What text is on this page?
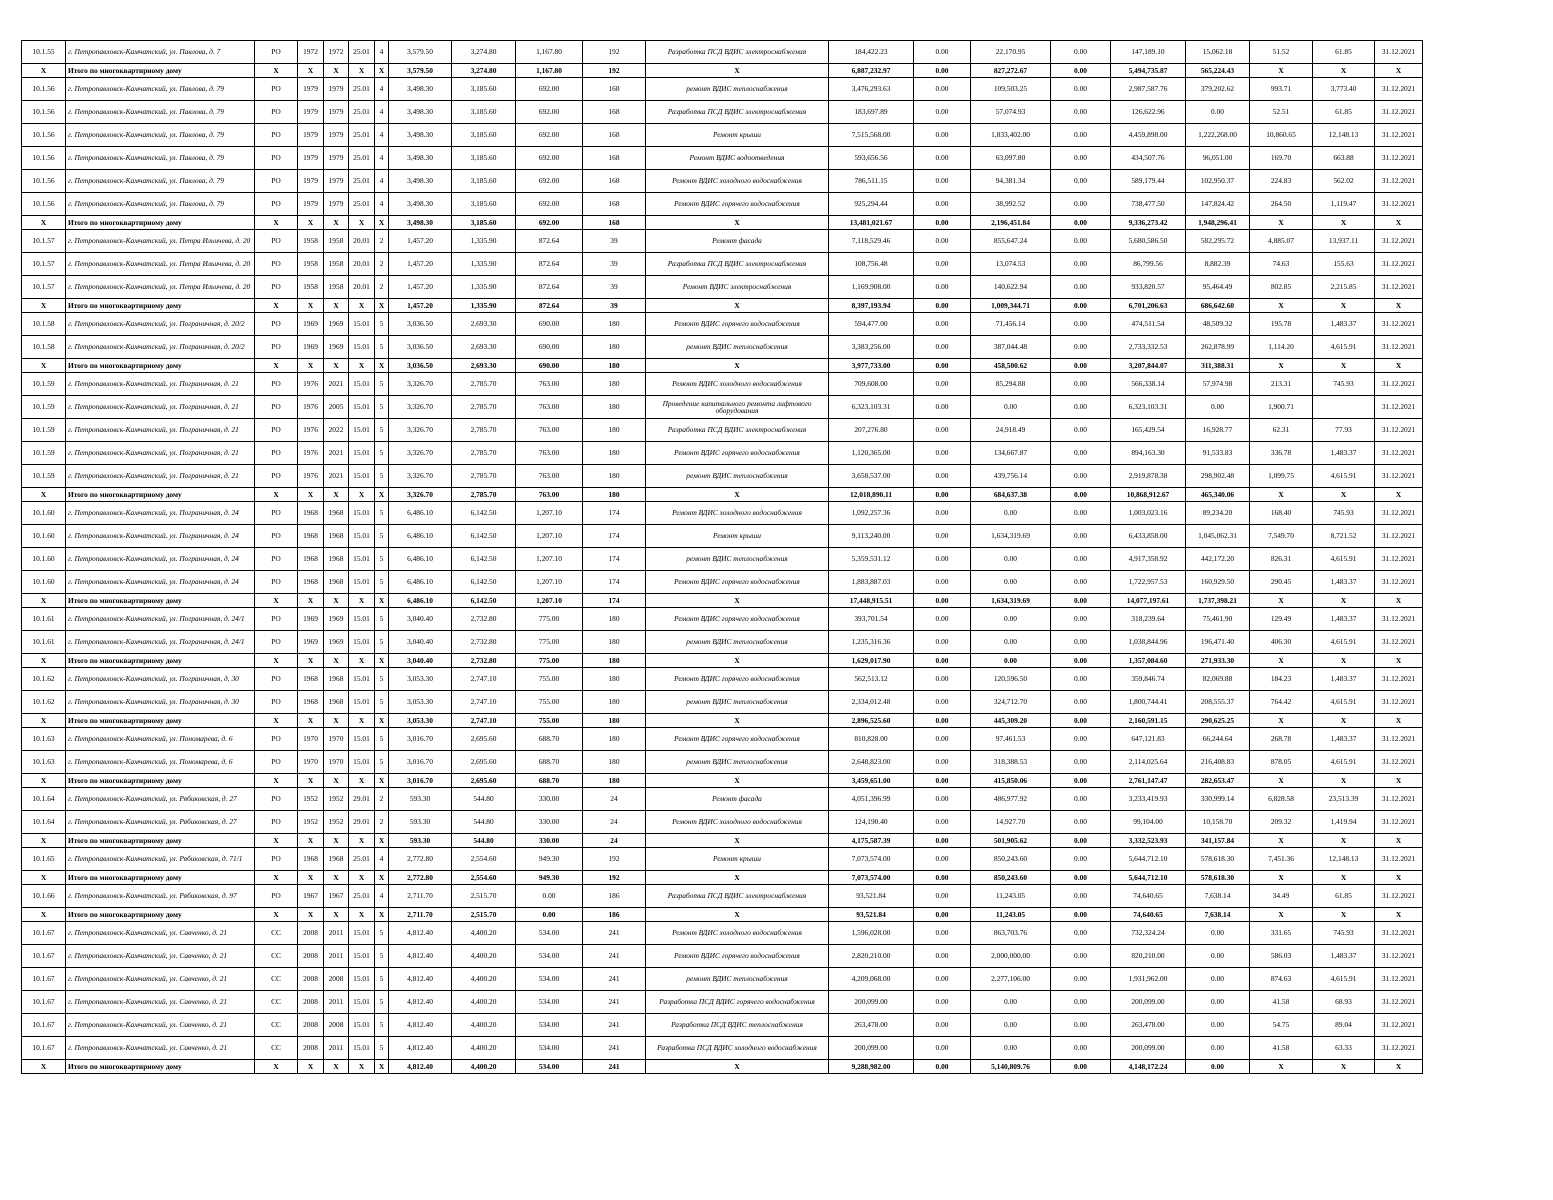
10.1.55	г. Петропавловск-Камчатский, ул. Павлова, д. 7	РО	1972	1972	25.01	4	3,579.50	3,274.80	1,167.80	192	Разработка ПСД ВДИС электроснабжения	184,422.23	0.00	22,170.95	0.00	147,189.10	15,062.18	51.52	61.85	31.12.2021
X	Итого по многоквартирному дому	X	X	X	X	X	3,579.50	3,274.80	1,167.80	192	X	6,887,232.97	0.00	827,272.67	0.00	5,494,735.87	565,224.43	X	X	X
10.1.56	г. Петропавловск-Камчатский, ул. Павлова, д. 79	РО	1979	1979	25.01	4	3,498.30	3,185.60	692.00	168	ремонт ВДИС теплоснабжения	3,476,293.63	0.00	109,503.25	0.00	2,987,587.76	379,202.62	993.71	3,773.40	31.12.2021
10.1.56	г. Петропавловск-Камчатский, ул. Павлова, д. 79	РО	1979	1979	25.01	4	3,498.30	3,185.60	692.00	168	Разработка ПСД ВДИС электроснабжения	183,697.89	0.00	57,074.93	0.00	126,622.96	0.00	52.51	61.85	31.12.2021
10.1.56	г. Петропавловск-Камчатский, ул. Павлова, д. 79	РО	1979	1979	25.01	4	3,498.30	3,185.60	692.00	168	Ремонт крыши	7,515,568.00	0.00	1,833,402.00	0.00	4,459,898.00	1,222,268.00	10,860.65	12,148.13	31.12.2021
10.1.56	г. Петропавловск-Камчатский, ул. Павлова, д. 79	РО	1979	1979	25.01	4	3,498.30	3,185.60	692.00	168	Ремонт ВДИС водоотведения	593,656.56	0.00	63,097.80	0.00	434,507.76	96,051.00	169.70	663.88	31.12.2021
10.1.56	г. Петропавловск-Камчатский, ул. Павлова, д. 79	РО	1979	1979	25.01	4	3,498.30	3,185.60	692.00	168	Ремонт ВДИС холодного водоснабжения	786,511.15	0.00	94,381.34	0.00	589,179.44	102,950.37	224.83	562.02	31.12.2021
10.1.56	г. Петропавловск-Камчатский, ул. Павлова, д. 79	РО	1979	1979	25.01	4	3,498.30	3,185.60	692.00	168	Ремонт ВДИС горячего водоснабжения	925,294.44	0.00	38,992.52	0.00	738,477.50	147,824.42	264.50	1,119.47	31.12.2021
X	Итого по многоквартирному дому	X	X	X	X	X	3,498.30	3,185.60	692.00	168	X	13,481,021.67	0.00	2,196,451.84	0.00	9,336,273.42	1,948,296.41	X	X	X
10.1.57	г. Петропавловск-Камчатский, ул. Петра Ильичева, д. 20	РО	1958	1958	20.01	2	1,457.20	1,335.90	872.64	39	Ремонт фасада	7,118,529.46	0.00	855,647.24	0.00	5,680,586.50	582,295.72	4,885.07	13,937.11	31.12.2021
10.1.57	г. Петропавловск-Камчатский, ул. Петра Ильичева, д. 20	РО	1958	1958	20.01	2	1,457.20	1,335.90	872.64	39	Разработка ПСД ВДИС электроснабжения	108,756.48	0.00	13,074.53	0.00	86,799.56	8,882.39	74.63	155.63	31.12.2021
10.1.57	г. Петропавловск-Камчатский, ул. Петра Ильичева, д. 20	РО	1958	1958	20.01	2	1,457.20	1,335.90	872.64	39	Ремонт ВДИС электроснабжения	1,169,908.00	0.00	140,622.94	0.00	933,820.57	95,464.49	802.85	2,215.85	31.12.2021
X	Итого по многоквартирному дому	X	X	X	X	X	1,457.20	1,335.90	872.64	39	X	8,397,193.94	0.00	1,009,344.71	0.00	6,701,206.63	686,642.60	X	X	X
10.1.58	г. Петропавловск-Камчатский, ул. Пограничная, д. 20/2	РО	1969	1969	15.01	5	3,036.50	2,693.30	690.00	180	Ремонт ВДИС горячего водоснабжения	594,477.00	0.00	71,456.14	0.00	474,511.54	48,509.32	195.78	1,483.37	31.12.2021
10.1.58	г. Петропавловск-Камчатский, ул. Пограничная, д. 20/2	РО	1969	1969	15.01	5	3,036.50	2,693.30	690.00	180	ремонт ВДИС теплоснабжения	3,383,256.00	0.00	387,044.48	0.00	2,733,332.53	262,878.99	1,114.20	4,615.91	31.12.2021
X	Итого по многоквартирному дому	X	X	X	X	X	3,036.50	2,693.30	690.00	180	X	3,977,733.00	0.00	458,500.62	0.00	3,207,844.07	311,388.31	X	X	X
10.1.59	г. Петропавловск-Камчатский, ул. Пограничная, д. 21	РО	1976	2021	15.01	5	3,326.70	2,785.70	763.00	180	Ремонт ВДИС холодного водоснабжения	709,608.00	0.00	85,294.88	0.00	566,338.14	57,974.98	213.31	745.93	31.12.2021
10.1.59	г. Петропавловск-Камчатский, ул. Пограничная, д. 21	РО	1976	2005	15.01	5	3,326.70	2,785.70	763.00	180	Проведение капитального ремонта лифтового оборудования	6,323,103.31	0.00	0.00	0.00	6,323,103.31	0.00	1,900.71		31.12.2021
10.1.59	г. Петропавловск-Камчатский, ул. Пограничная, д. 21	РО	1976	2022	15.01	5	3,326.70	2,785.70	763.00	180	Разработка ПСД ВДИС электроснабжения	207,276.80	0.00	24,918.49	0.00	165,429.54	16,928.77	62.31	77.93	31.12.2021
10.1.59	г. Петропавловск-Камчатский, ул. Пограничная, д. 21	РО	1976	2021	15.01	5	3,326.70	2,785.70	763.00	180	Ремонт ВДИС горячего водоснабжения	1,120,365.00	0.00	134,667.87	0.00	894,163.30	91,533.83	336.78	1,483.37	31.12.2021
10.1.59	г. Петропавловск-Камчатский, ул. Пограничная, д. 21	РО	1976	2021	15.01	5	3,326.70	2,785.70	763.00	180	ремонт ВДИС теплоснабжения	3,658,537.00	0.00	439,756.14	0.00	2,919,878.38	298,902.48	1,099.75	4,615.91	31.12.2021
X	Итого по многоквартирному дому	X	X	X	X	X	3,326.70	2,785.70	763.00	180	X	12,018,890.11	0.00	684,637.38	0.00	10,868,912.67	465,340.06	X	X	X
10.1.60	г. Петропавловск-Камчатский, ул. Пограничная, д. 24	РО	1968	1968	15.01	5	6,486.10	6,142.50	1,207.10	174	Ремонт ВДИС холодного водоснабжения	1,092,257.36	0.00	0.00	0.00	1,003,023.16	89,234.20	168.40	745.93	31.12.2021
10.1.60	г. Петропавловск-Камчатский, ул. Пограничная, д. 24	РО	1968	1968	15.01	5	6,486.10	6,142.50	1,207.10	174	Ремонт крыши	9,113,240.00	0.00	1,634,319.69	0.00	6,433,858.00	1,045,062.31	7,549.70	8,721.52	31.12.2021
10.1.60	г. Петропавловск-Камчатский, ул. Пограничная, д. 24	РО	1968	1968	15.01	5	6,486.10	6,142.50	1,207.10	174	ремонт ВДИС теплоснабжения	5,359,531.12	0.00	0.00	0.00	4,917,358.92	442,172.20	826.31	4,615.91	31.12.2021
10.1.60	г. Петропавловск-Камчатский, ул. Пограничная, д. 24	РО	1968	1968	15.01	5	6,486.10	6,142.50	1,207.10	174	Ремонт ВДИС горячего водоснабжения	1,883,887.03	0.00	0.00	0.00	1,722,957.53	160,929.50	290.45	1,483.37	31.12.2021
X	Итого по многоквартирному дому	X	X	X	X	X	6,486.10	6,142.50	1,207.10	174	X	17,448,915.51	0.00	1,634,319.69	0.00	14,077,197.61	1,737,398.21	X	X	X
10.1.61	г. Петропавловск-Камчатский, ул. Пограничная, д. 24/1	РО	1969	1969	15.01	5	3,040.40	2,732.80	775.00	180	Ремонт ВДИС горячего водоснабжения	393,701.54	0.00	0.00	0.00	318,239.64	75,461.90	129.49	1,483.37	31.12.2021
10.1.61	г. Петропавловск-Камчатский, ул. Пограничная, д. 24/1	РО	1969	1969	15.01	5	3,040.40	2,732.80	775.00	180	ремонт ВДИС теплоснабжения	1,235,316.36	0.00	0.00	0.00	1,038,844.96	196,471.40	406.30	4,615.91	31.12.2021
X	Итого по многоквартирному дому	X	X	X	X	X	3,040.40	2,732.80	775.00	180	X	1,629,017.90	0.00	0.00	0.00	1,357,084.60	271,933.30	X	X	X
10.1.62	г. Петропавловск-Камчатский, ул. Пограничная, д. 30	РО	1968	1968	15.01	5	3,053.30	2,747.10	755.00	180	Ремонт ВДИС горячего водоснабжения	562,513.12	0.00	120,596.50	0.00	359,846.74	82,069.88	184.23	1,483.37	31.12.2021
10.1.62	г. Петропавловск-Камчатский, ул. Пограничная, д. 30	РО	1968	1968	15.01	5	3,053.30	2,747.10	755.00	180	ремонт ВДИС теплоснабжения	2,334,012.48	0.00	324,712.70	0.00	1,800,744.41	208,555.37	764.42	4,615.91	31.12.2021
X	Итого по многоквартирному дому	X	X	X	X	X	3,053.30	2,747.10	755.00	180	X	2,896,525.60	0.00	445,309.20	0.00	2,160,591.15	290,625.25	X	X	X
10.1.63	г. Петропавловск-Камчатский, ул. Пономарева, д. 6	РО	1970	1970	15.01	5	3,016.70	2,695.60	688.70	180	Ремонт ВДИС горячего водоснабжения	810,828.00	0.00	97,461.53	0.00	647,121.83	66,244.64	268.78	1,483.37	31.12.2021
10.1.63	г. Петропавловск-Камчатский, ул. Пономарева, д. 6	РО	1970	1970	15.01	5	3,016.70	2,695.60	688.70	180	ремонт ВДИС теплоснабжения	2,648,823.00	0.00	318,388.53	0.00	2,114,025.64	216,408.83	878.05	4,615.91	31.12.2021
X	Итого по многоквартирному дому	X	X	X	X	X	3,016.70	2,695.60	688.70	180	X	3,459,651.00	0.00	415,850.06	0.00	2,761,147.47	282,653.47	X	X	X
10.1.64	г. Петропавловск-Камчатский, ул. Рябиковская, д. 27	РО	1952	1952	29.01	2	593.30	544.80	330.00	24	Ремонт фасада	4,051,396.99	0.00	486,977.92	0.00	3,233,419.93	330,999.14	6,828.58	23,513.39	31.12.2021
10.1.64	г. Петропавловск-Камчатский, ул. Рябиковская, д. 27	РО	1952	1952	29.01	2	593.30	544.80	330.00	24	Ремонт ВДИС холодного водоснабжения	124,190.40	0.00	14,927.70	0.00	99,104.00	10,158.70	209.32	1,419.94	31.12.2021
X	Итого по многоквартирному дому	X	X	X	X	X	593.30	544.80	330.00	24	X	4,175,587.39	0.00	501,905.62	0.00	3,332,523.93	341,157.84	X	X	X
10.1.65	г. Петропавловск-Камчатский, ул. Рябиковская, д. 71/1	РО	1968	1968	25.01	4	2,772.80	2,554.60	949.30	192	Ремонт крыши	7,073,574.00	0.00	850,243.60	0.00	5,644,712.10	578,618.30	7,451.36	12,148.13	31.12.2021
X	Итого по многоквартирному дому	X	X	X	X	X	2,772.80	2,554.60	949.30	192	X	7,073,574.00	0.00	850,243.60	0.00	5,644,712.10	578,618.30	X	X	X
10.1.66	г. Петропавловск-Камчатский, ул. Рябиковская, д. 97	РО	1967	1967	25.01	4	2,711.70	2,515.70	0.00	186	Разработка ПСД ВДИС электроснабжения	93,521.84	0.00	11,243.05	0.00	74,640.65	7,638.14	34.49	61.85	31.12.2021
X	Итого по многоквартирному дому	X	X	X	X	X	2,711.70	2,515.70	0.00	186	X	93,521.84	0.00	11,243.05	0.00	74,640.65	7,638.14	X	X	X
10.1.67	г. Петропавловск-Камчатский, ул. Савченко, д. 21	СС	2008	2011	15.01	5	4,812.40	4,400.20	534.00	241	Ремонт ВДИС холодного водоснабжения	1,596,028.00	0.00	863,703.76	0.00	732,324.24	0.00	331.65	745.93	31.12.2021
10.1.67	г. Петропавловск-Камчатский, ул. Савченко, д. 21	СС	2008	2011	15.01	5	4,812.40	4,400.20	534.00	241	Ремонт ВДИС горячего водоснабжения	2,820,210.00	0.00	2,000,000.00	0.00	820,210.00	0.00	586.03	1,483.37	31.12.2021
10.1.67	г. Петропавловск-Камчатский, ул. Савченко, д. 21	СС	2008	2008	15.01	5	4,812.40	4,400.20	534.00	241	ремонт ВДИС теплоснабжения	4,209,068.00	0.00	2,277,106.00	0.00	1,931,962.00	0.00	874.63	4,615.91	31.12.2021
10.1.67	г. Петропавловск-Камчатский, ул. Савченко, д. 21	СС	2008	2011	15.01	5	4,812.40	4,400.20	534.00	241	Разработка ПСД ВДИС горячего водоснабжения	200,099.00	0.00	0.00	0.00	200,099.00	0.00	41.58	68.93	31.12.2021
10.1.67	г. Петропавловск-Камчатский, ул. Савченко, д. 21	СС	2008	2008	15.01	5	4,812.40	4,400.20	534.00	241	Разработка ПСД ВДИС теплоснабжения	263,478.00	0.00	0.00	0.00	263,478.00	0.00	54.75	89.04	31.12.2021
10.1.67	г. Петропавловск-Камчатский, ул. Савченко, д. 21	СС	2008	2011	15.01	5	4,812.40	4,400.20	534.00	241	Разработка ПСД ВДИС холодного водоснабжения	200,099.00	0.00	0.00	0.00	200,099.00	0.00	41.58	63.33	31.12.2021
X	Итого по многоквартирному дому	X	X	X	X	X	4,812.40	4,400.20	534.00	241	X	9,288,982.00	0.00	5,140,809.76	0.00	4,148,172.24	0.00	X	X	X
